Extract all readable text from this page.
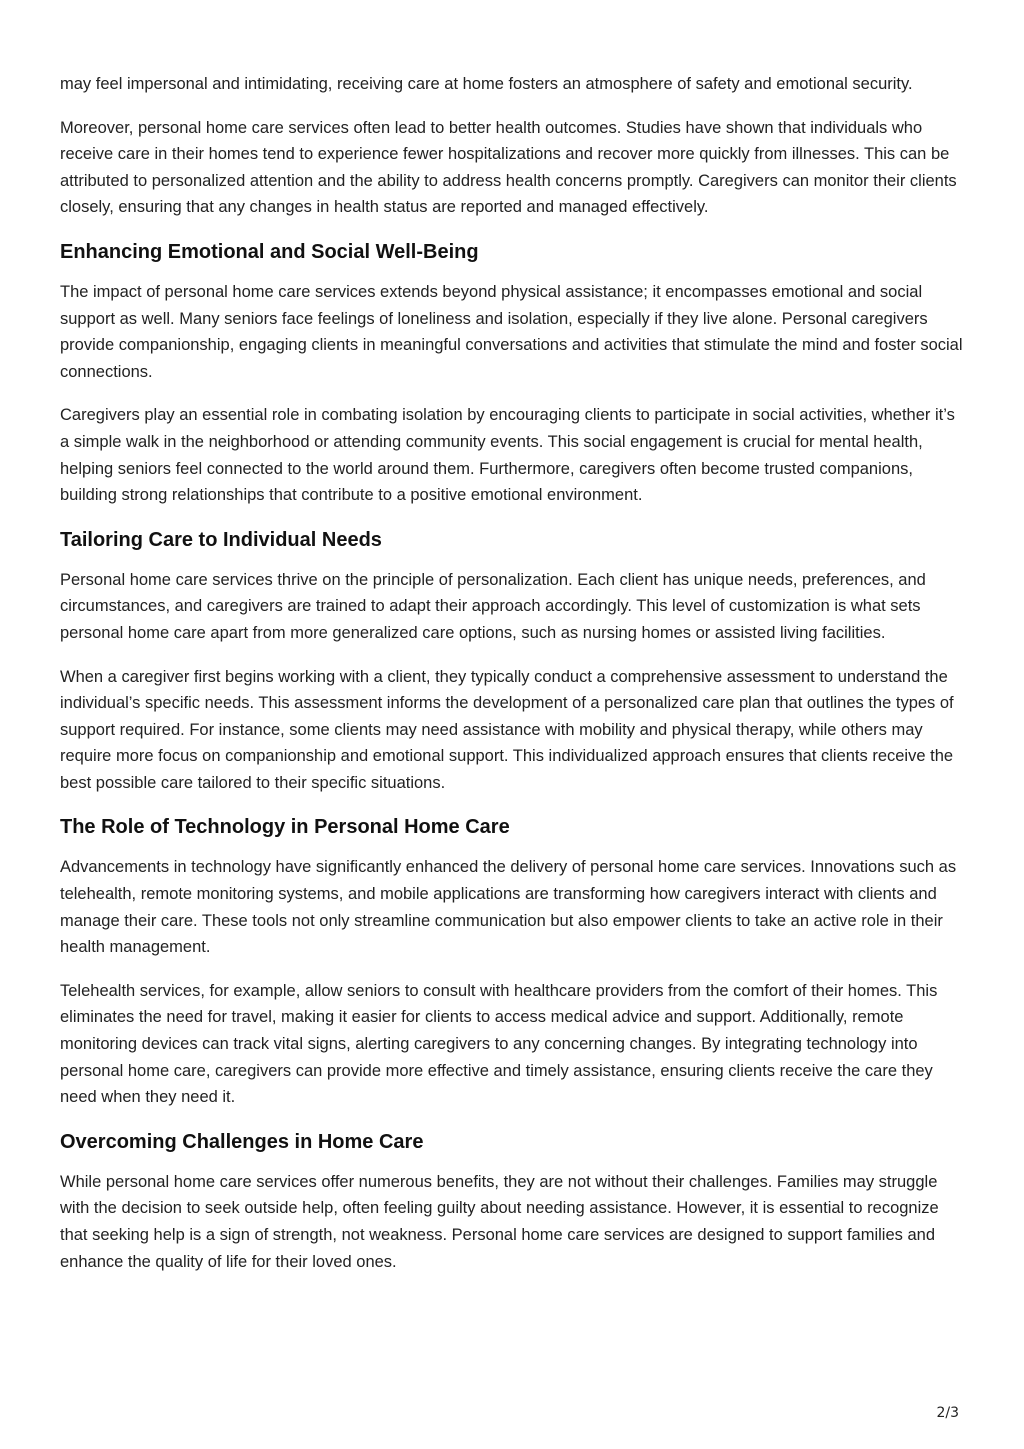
may feel impersonal and intimidating, receiving care at home fosters an atmosphere of safety and emotional security.

Moreover, personal home care services often lead to better health outcomes. Studies have shown that individuals who receive care in their homes tend to experience fewer hospitalizations and recover more quickly from illnesses. This can be attributed to personalized attention and the ability to address health concerns promptly. Caregivers can monitor their clients closely, ensuring that any changes in health status are reported and managed effectively.

Enhancing Emotional and Social Well-Being

The impact of personal home care services extends beyond physical assistance; it encompasses emotional and social support as well. Many seniors face feelings of loneliness and isolation, especially if they live alone. Personal caregivers provide companionship, engaging clients in meaningful conversations and activities that stimulate the mind and foster social connections.

Caregivers play an essential role in combating isolation by encouraging clients to participate in social activities, whether it’s a simple walk in the neighborhood or attending community events. This social engagement is crucial for mental health, helping seniors feel connected to the world around them. Furthermore, caregivers often become trusted companions, building strong relationships that contribute to a positive emotional environment.

Tailoring Care to Individual Needs

Personal home care services thrive on the principle of personalization. Each client has unique needs, preferences, and circumstances, and caregivers are trained to adapt their approach accordingly. This level of customization is what sets personal home care apart from more generalized care options, such as nursing homes or assisted living facilities.

When a caregiver first begins working with a client, they typically conduct a comprehensive assessment to understand the individual’s specific needs. This assessment informs the development of a personalized care plan that outlines the types of support required. For instance, some clients may need assistance with mobility and physical therapy, while others may require more focus on companionship and emotional support. This individualized approach ensures that clients receive the best possible care tailored to their specific situations.

The Role of Technology in Personal Home Care

Advancements in technology have significantly enhanced the delivery of personal home care services. Innovations such as telehealth, remote monitoring systems, and mobile applications are transforming how caregivers interact with clients and manage their care. These tools not only streamline communication but also empower clients to take an active role in their health management.

Telehealth services, for example, allow seniors to consult with healthcare providers from the comfort of their homes. This eliminates the need for travel, making it easier for clients to access medical advice and support. Additionally, remote monitoring devices can track vital signs, alerting caregivers to any concerning changes. By integrating technology into personal home care, caregivers can provide more effective and timely assistance, ensuring clients receive the care they need when they need it.

Overcoming Challenges in Home Care

While personal home care services offer numerous benefits, they are not without their challenges. Families may struggle with the decision to seek outside help, often feeling guilty about needing assistance. However, it is essential to recognize that seeking help is a sign of strength, not weakness. Personal home care services are designed to support families and enhance the quality of life for their loved ones.

2/3
